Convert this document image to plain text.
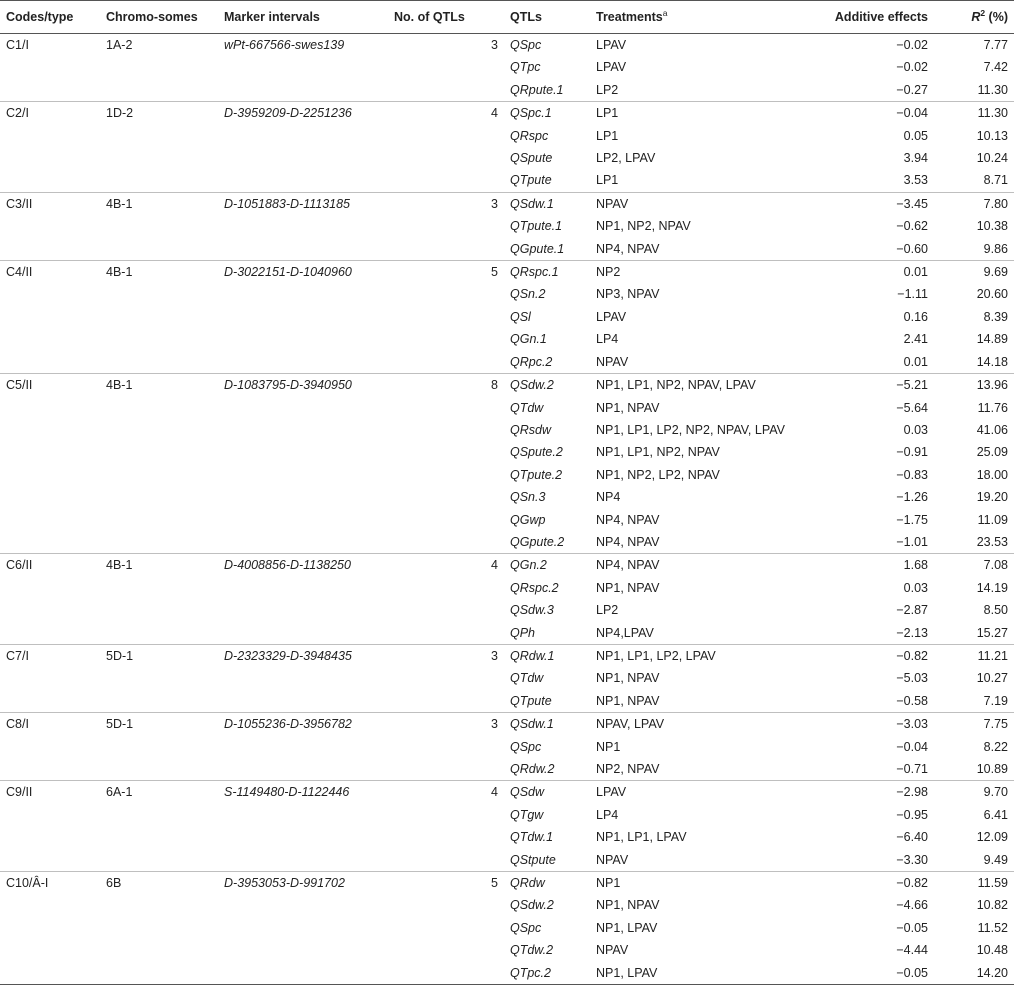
Codes/type	Chromo-somes	Marker intervals	No. of QTLs	QTLs	Treatments$^a$	Additive effects	$R^2$ (%)
C1/I	1A-2	wPt-667566-swes139	3	QSpc	LPAV	−0.02	7.77
				QTpc	LPAV	−0.02	7.42
				QRpute.1	LP2	−0.27	11.30
C2/I	1D-2	D-3959209-D-2251236	4	QSpc.1	LP1	−0.04	11.30
				QRspc	LP1	0.05	10.13
				QSpute	LP2, LPAV	3.94	10.24
				QTpute	LP1	3.53	8.71
C3/II	4B-1	D-1051883-D-1113185	3	QSdw.1	NPAV	−3.45	7.80
				QTpute.1	NP1, NP2, NPAV	−0.62	10.38
				QGpute.1	NP4, NPAV	−0.60	9.86
C4/II	4B-1	D-3022151-D-1040960	5	QRspc.1	NP2	0.01	9.69
				QSn.2	NP3, NPAV	−1.11	20.60
				QSl	LPAV	0.16	8.39
				QGn.1	LP4	2.41	14.89
				QRpc.2	NPAV	0.01	14.18
C5/II	4B-1	D-1083795-D-3940950	8	QSdw.2	NP1, LP1, NP2, NPAV, LPAV	−5.21	13.96
				QTdw	NP1, NPAV	−5.64	11.76
				QRsdw	NP1, LP1, LP2, NP2, NPAV, LPAV	0.03	41.06
				QSpute.2	NP1, LP1, NP2, NPAV	−0.91	25.09
				QTpute.2	NP1, NP2, LP2, NPAV	−0.83	18.00
				QSn.3	NP4	−1.26	19.20
				QGwp	NP4, NPAV	−1.75	11.09
				QGpute.2	NP4, NPAV	−1.01	23.53
C6/II	4B-1	D-4008856-D-1138250	4	QGn.2	NP4, NPAV	1.68	7.08
				QRspc.2	NP1, NPAV	0.03	14.19
				QSdw.3	LP2	−2.87	8.50
				QPh	NP4,LPAV	−2.13	15.27
C7/I	5D-1	D-2323329-D-3948435	3	QRdw.1	NP1, LP1, LP2, LPAV	−0.82	11.21
				QTdw	NP1, NPAV	−5.03	10.27
				QTpute	NP1, NPAV	−0.58	7.19
C8/I	5D-1	D-1055236-D-3956782	3	QSdw.1	NPAV, LPAV	−3.03	7.75
				QSpc	NP1	−0.04	8.22
				QRdw.2	NP2, NPAV	−0.71	10.89
C9/II	6A-1	S-1149480-D-1122446	4	QSdw	LPAV	−2.98	9.70
				QTgw	LP4	−0.95	6.41
				QTdw.1	NP1, LP1, LPAV	−6.40	12.09
				QStpute	NPAV	−3.30	9.49
C10/Â-I	6B	D-3953053-D-991702	5	QRdw	NP1	−0.82	11.59
				QSdw.2	NP1, NPAV	−4.66	10.82
				QSpc	NP1, LPAV	−0.05	11.52
				QTdw.2	NPAV	−4.44	10.48
				QTpc.2	NP1, LPAV	−0.05	14.20
